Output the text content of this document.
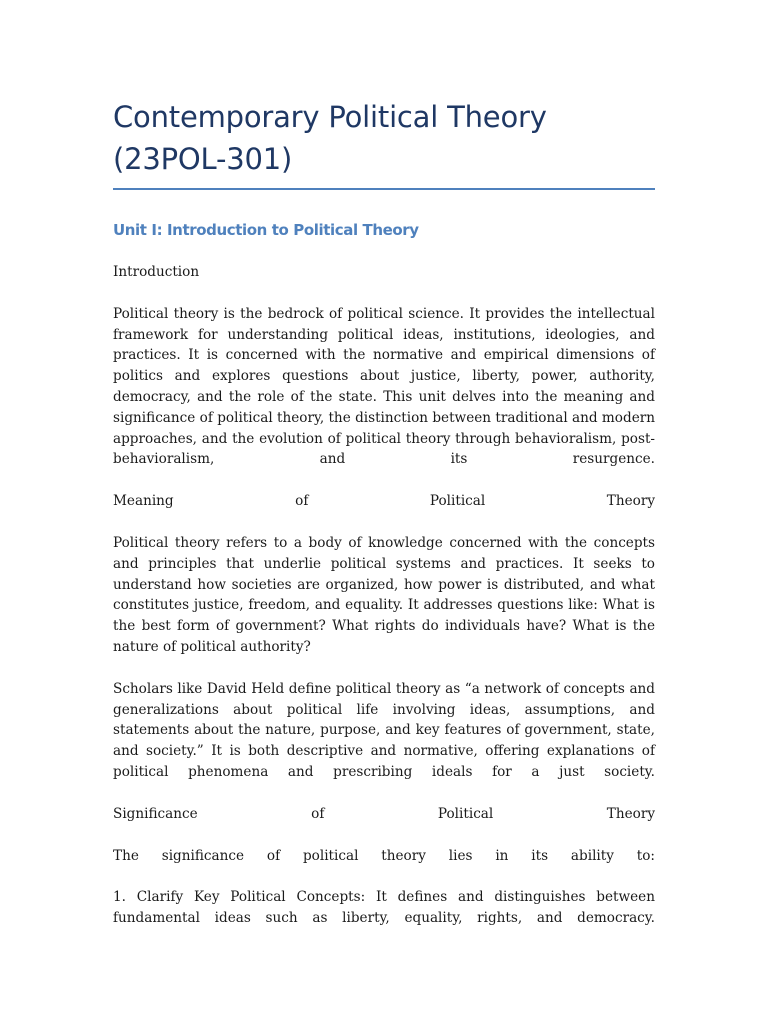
Contemporary Political Theory (23POL-301)
Unit I: Introduction to Political Theory

Introduction

Political theory is the bedrock of political science. It provides the intellectual framework for understanding political ideas, institutions, ideologies, and practices. It is concerned with the normative and empirical dimensions of politics and explores questions about justice, liberty, power, authority, democracy, and the role of the state. This unit delves into the meaning and significance of political theory, the distinction between traditional and modern approaches, and the evolution of political theory through behavioralism, post-behavioralism, and its resurgence.

Meaning of Political Theory

Political theory refers to a body of knowledge concerned with the concepts and principles that underlie political systems and practices. It seeks to understand how societies are organized, how power is distributed, and what constitutes justice, freedom, and equality. It addresses questions like: What is the best form of government? What rights do individuals have? What is the nature of political authority?

Scholars like David Held define political theory as “a network of concepts and generalizations about political life involving ideas, assumptions, and statements about the nature, purpose, and key features of government, state, and society.” It is both descriptive and normative, offering explanations of political phenomena and prescribing ideals for a just society.

Significance of Political Theory

The significance of political theory lies in its ability to:

1. Clarify Key Political Concepts: It defines and distinguishes between fundamental ideas such as liberty, equality, rights, and democracy.
